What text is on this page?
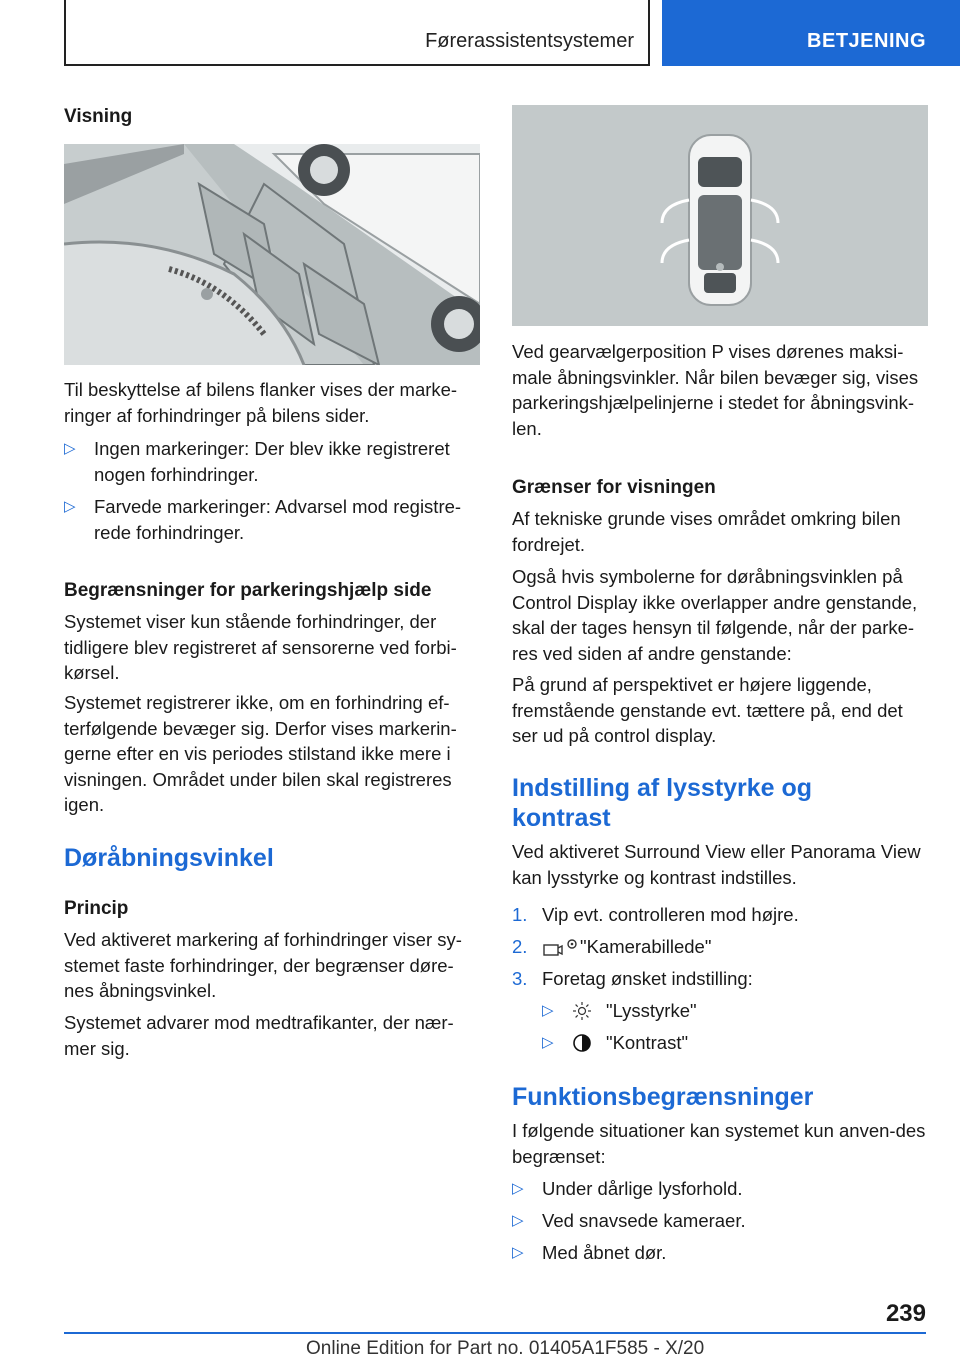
Førerassistentsystemer	BETJENING
Visning
Til beskyttelse af bilens flanker vises der marke-ringer af forhindringer på bilens sider.
▷ Ingen markeringer: Der blev ikke registreret nogen forhindringer.
▷ Farvede markeringer: Advarsel mod registre-rede forhindringer.
Begrænsninger for parkeringshjælp side
Systemet viser kun stående forhindringer, der tidligere blev registreret af sensorerne ved forbi-kørsel.
Systemet registrerer ikke, om en forhindring ef-terfølgende bevæger sig. Derfor vises markerin-gerne efter en vis periodes stilstand ikke mere i visningen. Området under bilen skal registreres igen.
Døråbningsvinkel
Princip
Ved aktiveret markering af forhindringer viser sy-stemet faste forhindringer, der begrænser døre-nes åbningsvinkel.
Systemet advarer mod medtrafikanter, der nær-mer sig.
Ved gearvælgerposition P vises dørenes maksi-male åbningsvinkler. Når bilen bevæger sig, vises parkeringshjælpelinjerne i stedet for åbningsvink-len.
Grænser for visningen
Af tekniske grunde vises området omkring bilen fordrejet.
Også hvis symbolerne for døråbningsvinklen på Control Display ikke overlapper andre genstande, skal der tages hensyn til følgende, når der parke-res ved siden af andre genstande:
På grund af perspektivet er højere liggende, fremstående genstande evt. tættere på, end det ser ud på control display.
Indstilling af lysstyrke og
kontrast
Ved aktiveret Surround View eller Panorama View kan lysstyrke og kontrast indstilles.
1. Vip evt. controlleren mod højre.
2.	"Kamerabillede"
3. Foretag ønsket indstilling:
▷	"Lysstyrke"
▷	"Kontrast"
Funktionsbegrænsninger
I følgende situationer kan systemet kun anven-des begrænset:
▷ Under dårlige lysforhold.
▷ Ved snavsede kameraer.
▷ Med åbnet dør.
239
Online Edition for Part no. 01405A1F585 - X/20
